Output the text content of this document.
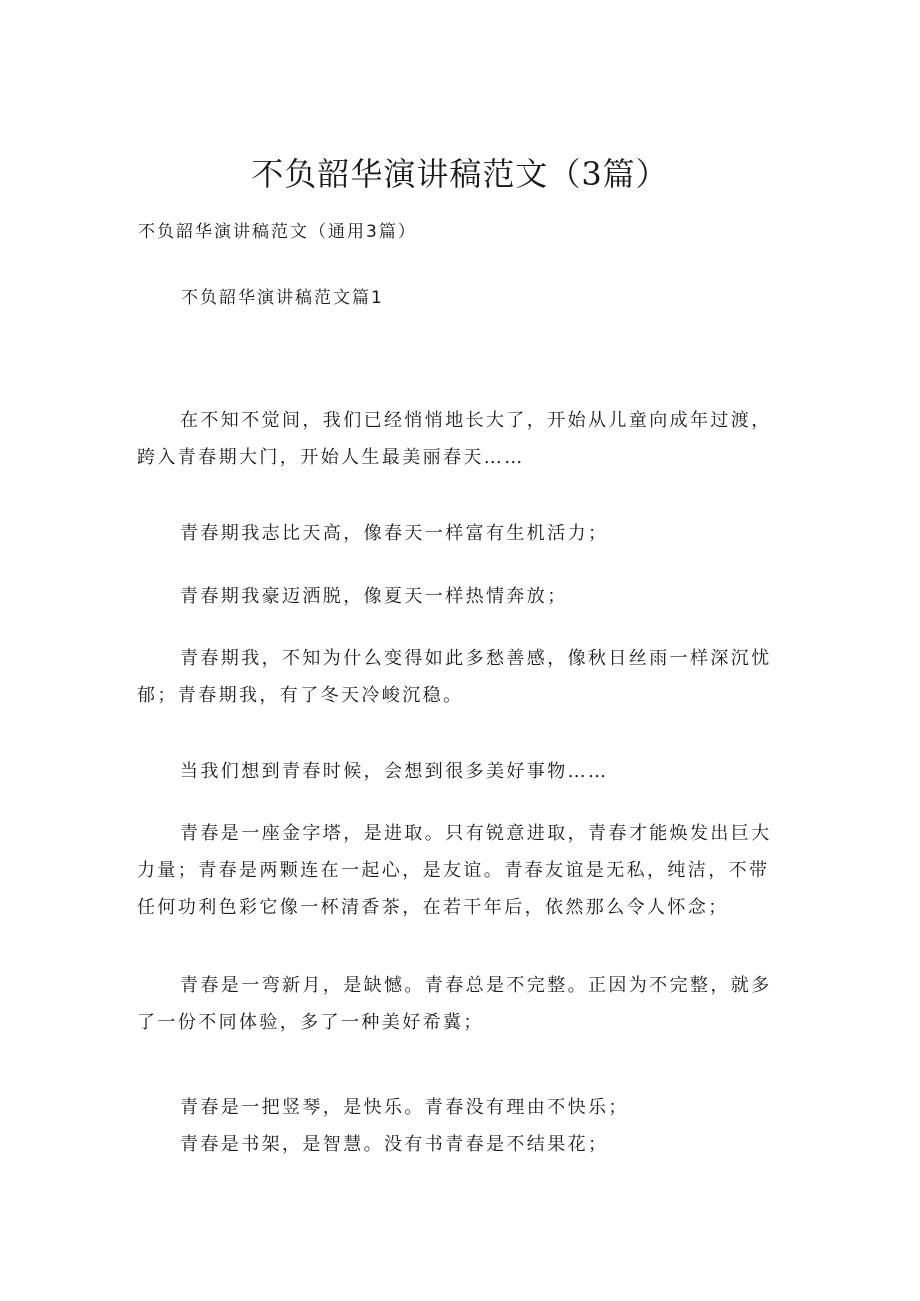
不负韶华演讲稿范文（3篇）
不负韶华演讲稿范文（通用3篇）
不负韶华演讲稿范文篇1

在不知不觉间，我们已经悄悄地长大了，开始从儿童向成年过渡，跨入青春期大门，开始人生最美丽春天……

青春期我志比天高，像春天一样富有生机活力；

青春期我豪迈洒脱，像夏天一样热情奔放；

青春期我，不知为什么变得如此多愁善感，像秋日丝雨一样深沉忧郁；青春期我，有了冬天冷峻沉稳。

当我们想到青春时候，会想到很多美好事物……

青春是一座金字塔，是进取。只有锐意进取，青春才能焕发出巨大力量；青春是两颗连在一起心，是友谊。青春友谊是无私，纯洁，不带任何功利色彩它像一杯清香茶，在若干年后，依然那么令人怀念；

青春是一弯新月，是缺憾。青春总是不完整。正因为不完整，就多了一份不同体验，多了一种美好希冀；

青春是一把竖琴，是快乐。青春没有理由不快乐；

青春是书架，是智慧。没有书青春是不结果花；
